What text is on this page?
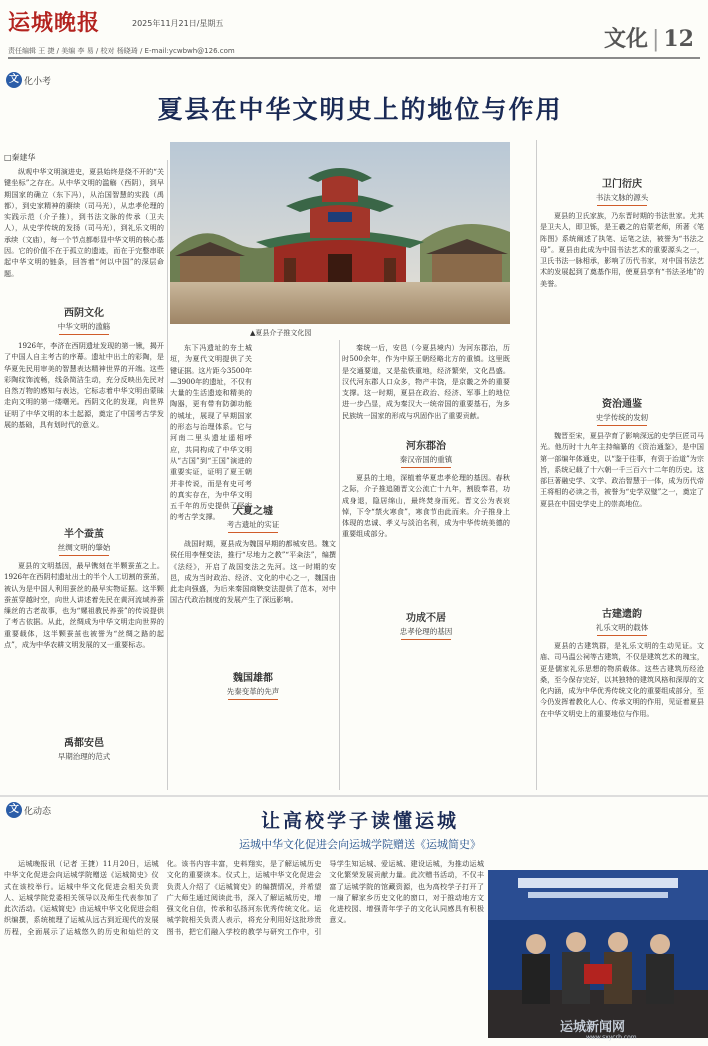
运城晚报	2025年11月21日/星期五
责任编辑 王 捷 / 美编 李 易 / 校对 杨晓琦 / E-mail:ycwbwh@126.com	文化 | 12
文 化小考
夏县在中华文明史上的地位与作用
□秦建华
纵观中华文明演进史，夏县始终是绕不开的“关键坐标”之存在。从中华文明的滥觞（西阴），到早期国家的确立（东下冯），从治国智慧的实践（禹都），到史家精神的赓续（司马光），从忠孝伦理的实践示范（介子推），到书法文脉的传承（卫夫人），从史学传统的发扬（司马光），到礼乐文明的承续（文庙），每一个节点都彰显中华文明的核心基因。它的价值不在于孤立的遗迹，而在于完整串联起中华文明的链条，回答着“何以中国”的深层命题。
西阴文化
中华文明的滥觞
1926年，李济在西阴遗址发现的第一锹，揭开了中国人自主考古的序幕。遗址中出土的彩陶，是华夏先民用审美的智慧表达精神世界的开端。这些彩陶纹饰流畅，线条简洁生动，充分反映出先民对自然万物的感知与表达，它标志着中华文明由蒙昧走向文明的第一缕曙光。西阴文化的发现，向世界证明了中华文明的本土起源，奠定了中国考古学发展的基础，具有划时代的意义。
半个蚕茧
丝绸文明的肇始
夏县的文明基因，最早镌刻在半颗蚕茧之上。1926年在西阴村遗址出土的半个人工切割的蚕茧，被认为是中国人利用蚕丝的最早实物证据。这半颗蚕茧穿越时空，向世人讲述着先民在黄河流域养蚕缫丝的古老故事，也为“嫘祖教民养蚕”的传说提供了考古依据。从此，丝绸成为中华文明走向世界的重要载体，这半颗蚕茧也被誉为“丝绸之路的起点”，成为中华农耕文明发展的又一重要标志。
禹都安邑
早期治理的范式
▲夏县介子推文化园
东下冯遗址的夯土城垣，为夏代文明提供了关键证据。这片距今3500年—3900年的遗址，不仅有大量的生活遗迹和精美的陶器，更有带有防御功能的城址，展现了早期国家的形态与治理体系。它与河南二里头遗址遥相呼应，共同构成了中华文明从“古国”到“王国”演进的重要实证，证明了夏王朝并非传说，而是有史可考的真实存在，为中华文明五千年的历史提供了坚实的考古学支撑。	大夏之墟
考古遗址的实证
战国时期，夏县成为魏国早期的都城安邑。魏文侯任用李悝变法，推行“尽地力之教”“平籴法”，编撰《法经》，开启了战国变法之先河。这一时期的安邑，成为当时政治、经济、文化的中心之一，魏国由此走向强盛，为后来秦国商鞅变法提供了范本，对中国古代政治制度的发展产生了深远影响。
魏国雄都
先秦变革的先声
秦统一后，安邑（今夏县境内）为河东郡治，历时500余年，作为中原王朝经略北方的重镇。这里既是交通要道，又是盐铁重地，经济繁荣，文化昌盛。汉代河东郡人口众多，物产丰饶，是京畿之外的重要支撑。这一时期，夏县在政治、经济、军事上的地位进一步凸显，成为秦汉大一统帝国的重要基石，为多民族统一国家的形成与巩固作出了重要贡献。
河东郡治
秦汉帝国的重镇
夏县的土地，深植着华夏忠孝伦理的基因。春秋之际，介子推追随晋文公流亡十九年，割股奉君，功成身退，隐居绵山，最终焚身而死。晋文公为表哀悼，下令“禁火寒食”，寒食节由此而来。介子推身上体现的忠诚、孝义与淡泊名利，成为中华传统美德的重要组成部分。
功成不居
忠孝伦理的基因
卫门衍庆
书法文脉的源头
夏县的卫氏家族，乃东晋时期的书法世家。尤其是卫夫人，即卫铄，是王羲之的启蒙老师，所著《笔阵图》系统阐述了执笔、运笔之法，被誉为“书法之母”。夏县由此成为中国书法艺术的重要源头之一，卫氏书法一脉相承，影响了历代书家，对中国书法艺术的发展起到了奠基作用，使夏县享有“书法圣地”的美誉。
资治通鉴
史学传统的发轫
魏晋至宋，夏县孕育了影响深远的史学巨匠司马光。他历时十九年主持编纂的《资治通鉴》，是中国第一部编年体通史，以“鉴于往事，有资于治道”为宗旨，系统记载了十六朝一千三百六十二年的历史。这部巨著融史学、文学、政治智慧于一体，成为历代帝王将相的必读之书，被誉为“史学双璧”之一，奠定了夏县在中国史学史上的崇高地位。
古建遗韵
礼乐文明的载体
夏县的古建筑群，是礼乐文明的生动见证。文庙、司马温公祠等古建筑，不仅是建筑艺术的瑰宝，更是儒家礼乐思想的物质载体。这些古建筑历经沧桑，至今保存完好，以其独特的建筑风格和深厚的文化内涵，成为中华优秀传统文化的重要组成部分，至今仍发挥着教化人心、传承文明的作用，见证着夏县在中华文明史上的重要地位与作用。
文 化动态	让高校学子读懂运城
运城中华文化促进会向运城学院赠送《运城简史》
运城晚报讯（记者 王捷）11月20日，运城中华文化促进会向运城学院赠送《运城简史》仪式在该校举行。运城中华文化促进会相关负责人、运城学院党委相关领导以及师生代表参加了此次活动。《运城简史》由运城中华文化促进会组织编撰，系统梳理了运城从远古到近现代的发展历程，全面展示了运城悠久的历史和灿烂的文化。该书内容丰富，史料翔实，是了解运城历史文化的重要读本。仪式上，运城中华文化促进会负责人介绍了《运城简史》的编撰情况，并希望广大师生通过阅读此书，深入了解运城历史，增强文化自信，传承和弘扬河东优秀传统文化。运城学院相关负责人表示，将充分利用好这批珍贵图书，把它们融入学校的教学与研究工作中，引导学生知运城、爱运城、建设运城，为推动运城文化繁荣发展贡献力量。此次赠书活动，不仅丰富了运城学院的馆藏资源，也为高校学子打开了一扇了解家乡历史文化的窗口，对于推动地方文化进校园、增强青年学子的文化认同感具有积极意义。
运城新闻网
www.sxycrb.com
